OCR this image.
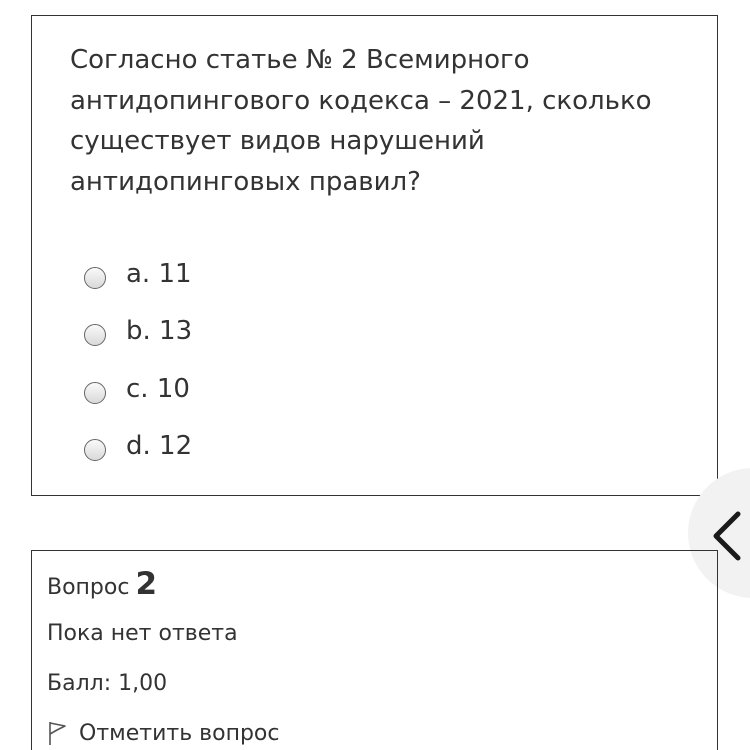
Согласно статье № 2 Всемирного антидопингового кодекса – 2021, сколько существует видов нарушений антидопинговых правил?

a. 11
b. 13
c. 10
d. 12
Вопрос 2
Пока нет ответа
Балл: 1,00
Отметить вопрос
